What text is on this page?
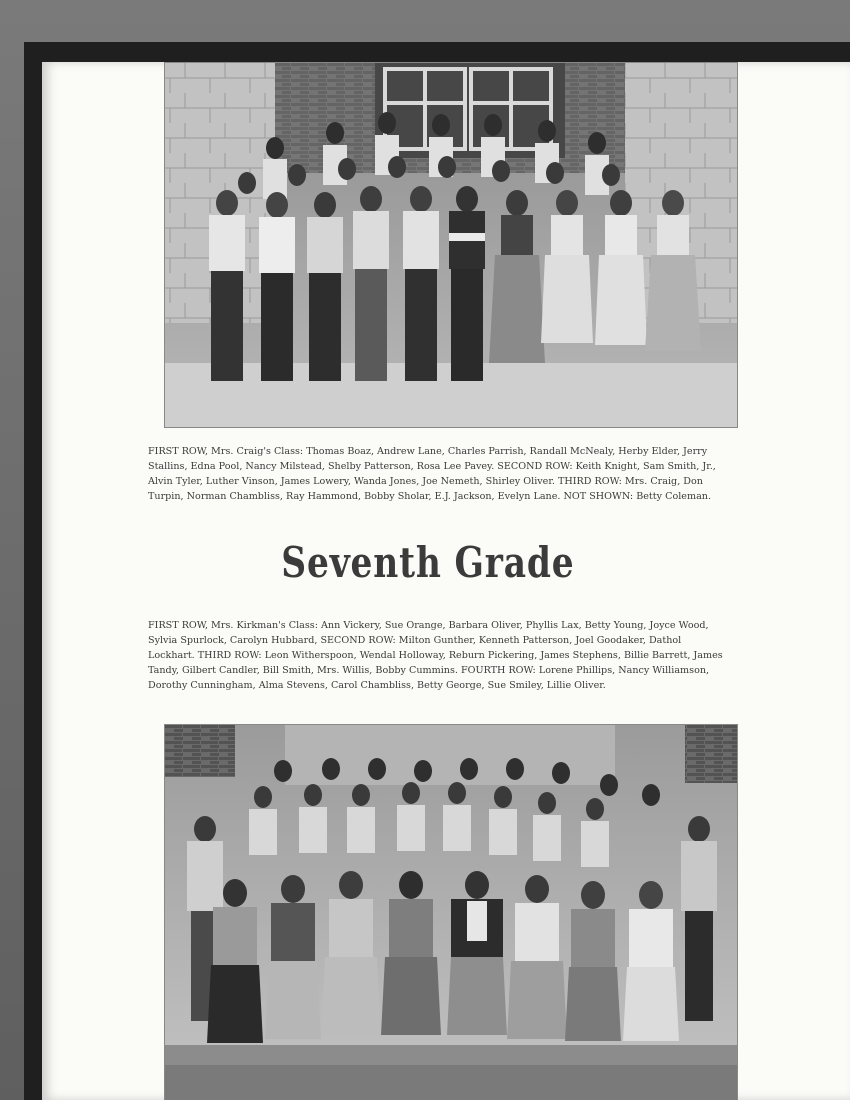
FIRST ROW, Mrs. Craig's Class: Thomas Boaz, Andrew Lane, Charles Parrish, Randall McNealy, Herby Elder, Jerry Stallins, Edna Pool, Nancy Milstead, Shelby Patterson, Rosa Lee Pavey. SECOND ROW: Keith Knight, Sam Smith, Jr., Alvin Tyler, Luther Vinson, James Lowery, Wanda Jones, Joe Nemeth, Shirley Oliver. THIRD ROW: Mrs. Craig, Don Turpin, Norman Chambliss, Ray Hammond, Bobby Sholar, E.J. Jackson, Evelyn Lane. NOT SHOWN: Betty Coleman.

Seventh Grade

FIRST ROW, Mrs. Kirkman's Class: Ann Vickery, Sue Orange, Barbara Oliver, Phyllis Lax, Betty Young, Joyce Wood, Sylvia Spurlock, Carolyn Hubbard, SECOND ROW: Milton Gunther, Kenneth Patterson, Joel Goodaker, Dathol Lockhart. THIRD ROW: Leon Witherspoon, Wendal Holloway, Reburn Pickering, James Stephens, Billie Barrett, James Tandy, Gilbert Candler, Bill Smith, Mrs. Willis, Bobby Cummins. FOURTH ROW: Lorene Phillips, Nancy Williamson, Dorothy Cunningham, Alma Stevens, Carol Chambliss, Betty George, Sue Smiley, Lillie Oliver.
